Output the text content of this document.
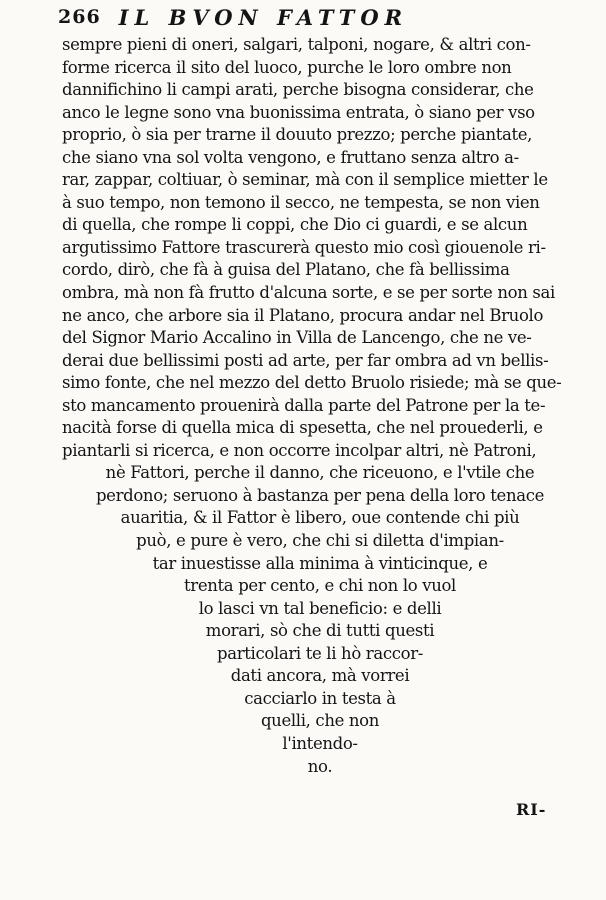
266 IL BVON FATTOR
sempre pieni di oneri, salgari, talponi, nogare, & altri con-
forme ricerca il sito del luoco, purche le loro ombre non
dannifichino li campi arati, perche bisogna considerar, che
anco le legne sono vna buonissima entrata, ò siano per vso
proprio, ò sia per trarne il douuto prezzo; perche piantate,
che siano vna sol volta vengono, e fruttano senza altro a-
rar, zappar, coltiuar, ò seminar, mà con il semplice mietter le
à suo tempo, non temono il secco, ne tempesta, se non vien
di quella, che rompe li coppi, che Dio ci guardi, e se alcun
argutissimo Fattore trascurerà questo mio così giouenole ri-
cordo, dirò, che fà à guisa del Platano, che fà bellissima
ombra, mà non fà frutto d'alcuna sorte, e se per sorte non sai
ne anco, che arbore sia il Platano, procura andar nel Bruolo
del Signor Mario Accalino in Villa de Lancengo, che ne ve-
derai due bellissimi posti ad arte, per far ombra ad vn bellis-
simo fonte, che nel mezzo del detto Bruolo risiede; mà se que-
sto mancamento prouenirà dalla parte del Patrone per la te-
nacità forse di quella mica di spesetta, che nel prouederli, e
piantarli si ricerca, e non occorre incolpar altri, nè Patroni,
nè Fattori, perche il danno, che riceuono, e l'vtile che
perdono; seruono à bastanza per pena della loro tenace
auaritia, & il Fattor è libero, oue contende chi più
può, e pure è vero, che chi si diletta d'impian-
tar inuestisse alla minima à vinticinque, e
trenta per cento, e chi non lo vuol
lo lasci vn tal beneficio: e delli
morari, sò che di tutti questi
particolari te li hò raccor-
dati ancora, mà vorrei
cacciarlo in testa à
quelli, che non
l'intendo-
no.
RI-
